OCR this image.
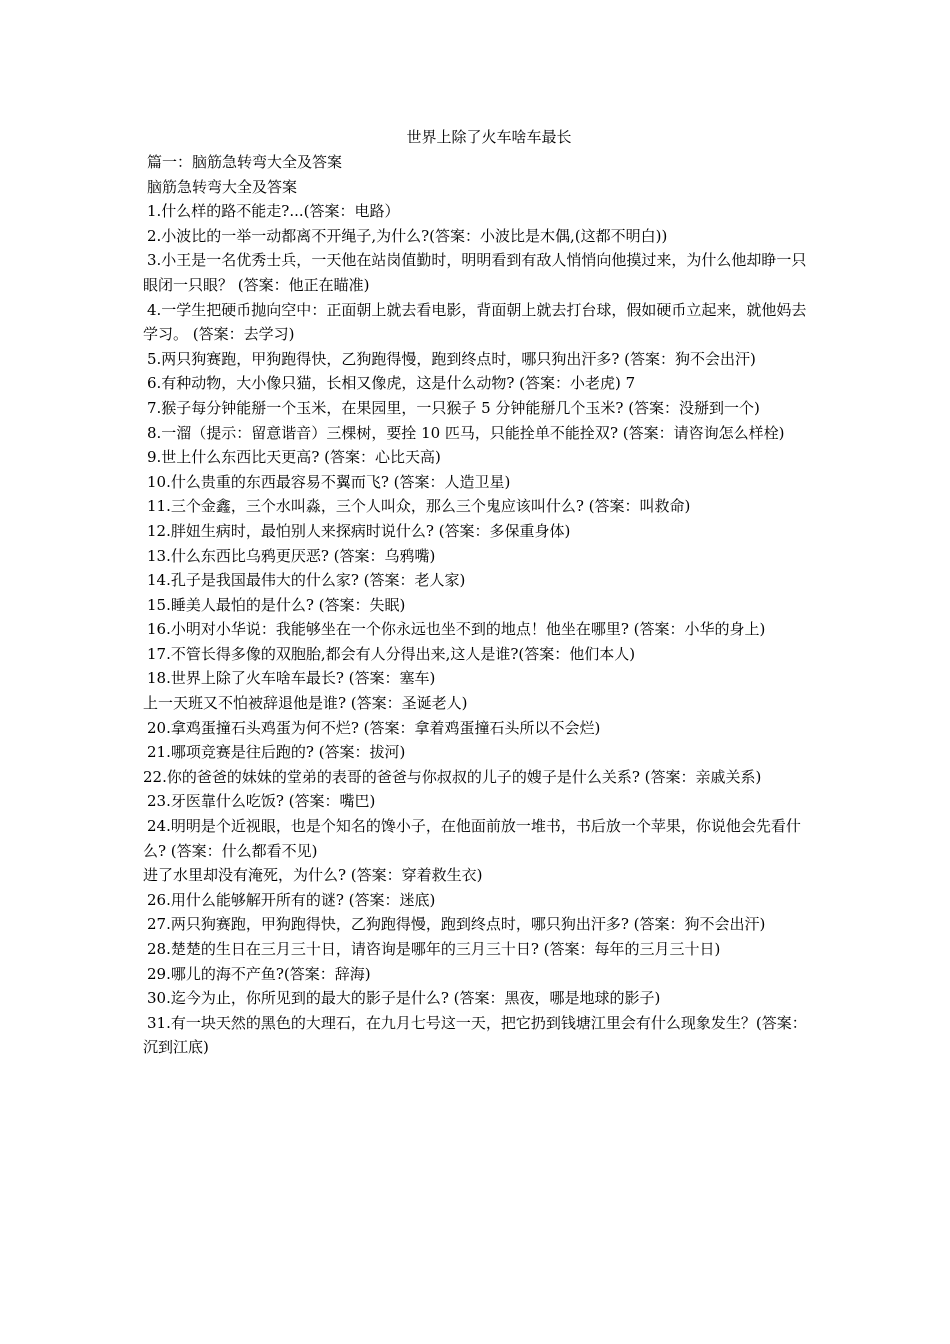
世界上除了火车啥车最长

篇一：脑筋急转弯大全及答案

脑筋急转弯大全及答案

1.什么样的路不能走?...(答案：电路）

2.小波比的一举一动都离不开绳子,为什么?(答案：小波比是木偶,(这都不明白))

3.小王是一名优秀士兵，一天他在站岗值勤时，明明看到有敌人悄悄向他摸过来，为什么他却睁一只眼闭一只眼？ (答案：他正在瞄准)

4.一学生把硬币抛向空中：正面朝上就去看电影，背面朝上就去打台球，假如硬币立起来，就他妈去学习。 (答案：去学习)

5.两只狗赛跑，甲狗跑得快，乙狗跑得慢，跑到终点时，哪只狗出汗多? (答案：狗不会出汗)

6.有种动物，大小像只猫，长相又像虎，这是什么动物? (答案：小老虎) 7

7.猴子每分钟能掰一个玉米，在果园里，一只猴子 5 分钟能掰几个玉米? (答案：没掰到一个)

8.一溜（提示：留意谐音）三棵树，要拴 10 匹马，只能拴单不能拴双? (答案：请咨询怎么样栓)

9.世上什么东西比天更高? (答案：心比天高)

10.什么贵重的东西最容易不翼而飞? (答案：人造卫星)

11.三个金鑫，三个水叫淼，三个人叫众，那么三个鬼应该叫什么? (答案：叫救命)

12.胖妞生病时，最怕别人来探病时说什么? (答案：多保重身体)

13.什么东西比乌鸦更厌恶? (答案：乌鸦嘴)

14.孔子是我国最伟大的什么家? (答案：老人家)

15.睡美人最怕的是什么? (答案：失眠)

16.小明对小华说：我能够坐在一个你永远也坐不到的地点！他坐在哪里? (答案：小华的身上)

17.不管长得多像的双胞胎,都会有人分得出来,这人是谁?(答案：他们本人)

18.世界上除了火车啥车最长? (答案：塞车)

上一天班又不怕被辞退他是谁? (答案：圣诞老人)

20.拿鸡蛋撞石头鸡蛋为何不烂? (答案：拿着鸡蛋撞石头所以不会烂)

21.哪项竞赛是往后跑的? (答案：拔河)

22.你的爸爸的妹妹的堂弟的表哥的爸爸与你叔叔的儿子的嫂子是什么关系? (答案：亲戚关系)

23.牙医靠什么吃饭? (答案：嘴巴)

24.明明是个近视眼，也是个知名的馋小子，在他面前放一堆书，书后放一个苹果，你说他会先看什么? (答案：什么都看不见)

进了水里却没有淹死，为什么? (答案：穿着救生衣)

26.用什么能够解开所有的谜? (答案：迷底)

27.两只狗赛跑，甲狗跑得快，乙狗跑得慢，跑到终点时，哪只狗出汗多? (答案：狗不会出汗)

28.楚楚的生日在三月三十日，请咨询是哪年的三月三十日? (答案：每年的三月三十日)

29.哪儿的海不产鱼?(答案：辞海)

30.迄今为止，你所见到的最大的影子是什么? (答案：黑夜，哪是地球的影子)

31.有一块天然的黑色的大理石，在九月七号这一天，把它扔到钱塘江里会有什么现象发生？(答案：沉到江底)
